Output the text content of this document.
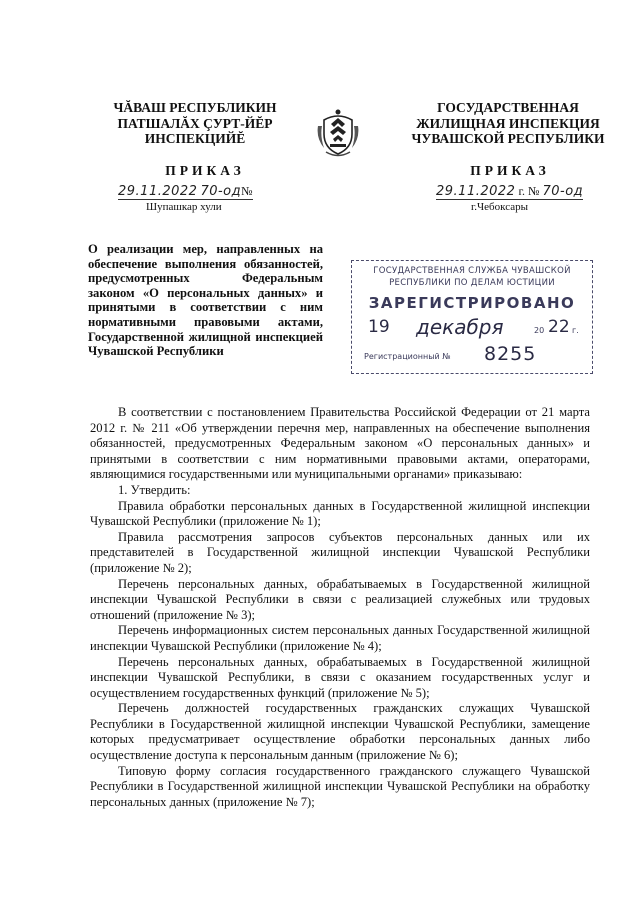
ЧĂВАШ РЕСПУБЛИКИН
ПАТШАЛĂХ ÇУРТ-ЙĔР
ИНСПЕКЦИЙĔ
ГОСУДАРСТВЕННАЯ
ЖИЛИЩНАЯ ИНСПЕКЦИЯ
ЧУВАШСКОЙ РЕСПУБЛИКИ
ПРИКАЗ	ПРИКАЗ
29.11.2022 70-од№
Шупашкар хули
29.11.2022 г. № 70-од
г.Чебоксары
О реализации мер, направленных на обеспечение выполнения обязанностей, предусмотренных Федеральным законом «О персональных данных» и принятыми в соответствии с ним нормативными правовыми актами, Государственной жилищной инспекцией Чувашской Республики
ГОСУДАРСТВЕННАЯ СЛУЖБА ЧУВАШСКОЙ
РЕСПУБЛИКИ ПО ДЕЛАМ ЮСТИЦИИ
ЗАРЕГИСТРИРОВАНО
19 декабря	20 22 г.
Регистрационный № 8255

В соответствии с постановлением Правительства Российской Федерации от 21 марта 2012 г. № 211 «Об утверждении перечня мер, направленных на обеспечение выполнения обязанностей, предусмотренных Федеральным законом «О персональных данных» и принятыми в соответствии с ним нормативными правовыми актами, операторами, являющимися государственными или муниципальными органами» приказываю:

1. Утвердить:

Правила обработки персональных данных в Государственной жилищной инспекции Чувашской Республики (приложение № 1);

Правила рассмотрения запросов субъектов персональных данных или их представителей в Государственной жилищной инспекции Чувашской Республики (приложение № 2);

Перечень персональных данных, обрабатываемых в Государственной жилищной инспекции Чувашской Республики в связи с реализацией служебных или трудовых отношений (приложение № 3);

Перечень информационных систем персональных данных Государственной жилищной инспекции Чувашской Республики (приложение № 4);

Перечень персональных данных, обрабатываемых в Государственной жилищной инспекции Чувашской Республики, в связи с оказанием государственных услуг и осуществлением государственных функций (приложение № 5);

Перечень должностей государственных гражданских служащих Чувашской Республики в Государственной жилищной инспекции Чувашской Республики, замещение которых предусматривает осуществление обработки персональных данных либо осуществление доступа к персональным данным (приложение № 6);

Типовую форму согласия государственного гражданского служащего Чувашской Республики в Государственной жилищной инспекции Чувашской Республики на обработку персональных данных (приложение № 7);
